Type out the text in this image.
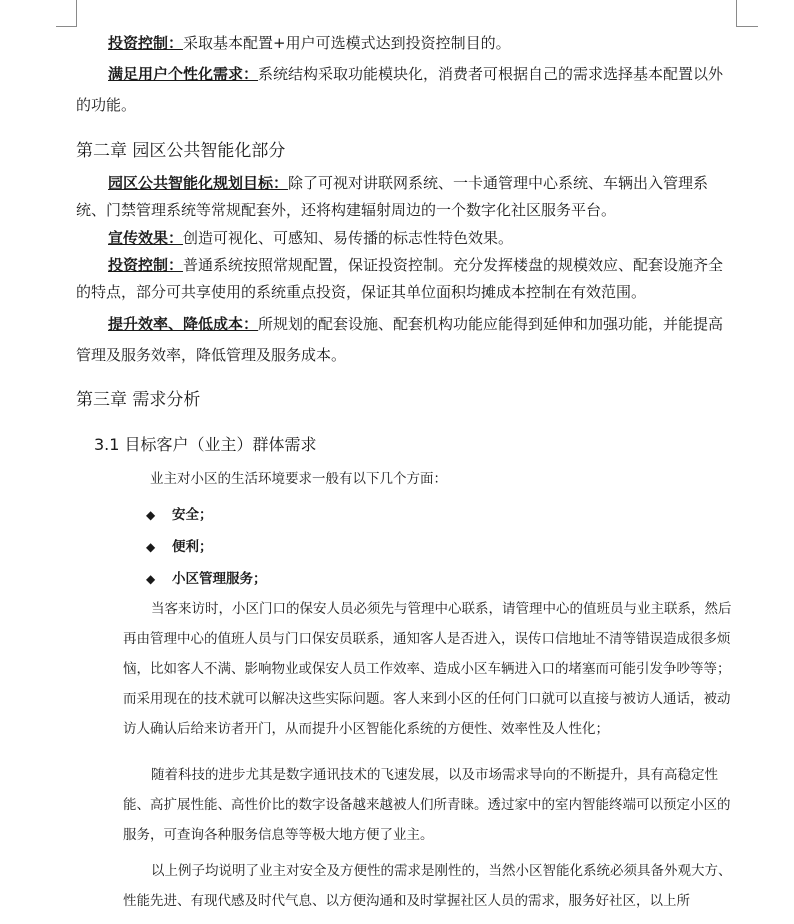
投资控制：采取基本配置+用户可选模式达到投资控制目的。

满足用户个性化需求：系统结构采取功能模块化，消费者可根据自己的需求选择基本配置以外的功能。

第二章 园区公共智能化部分

园区公共智能化规划目标：除了可视对讲联网系统、一卡通管理中心系统、车辆出入管理系统、门禁管理系统等常规配套外，还将构建辐射周边的一个数字化社区服务平台。

宣传效果：创造可视化、可感知、易传播的标志性特色效果。

投资控制：普通系统按照常规配置，保证投资控制。充分发挥楼盘的规模效应、配套设施齐全的特点，部分可共享使用的系统重点投资，保证其单位面积均摊成本控制在有效范围。

提升效率、降低成本：所规划的配套设施、配套机构功能应能得到延伸和加强功能，并能提高管理及服务效率，降低管理及服务成本。

第三章 需求分析
3.1 目标客户（业主）群体需求

业主对小区的生活环境要求一般有以下几个方面：

◆ 安全；
◆ 便利；
◆ 小区管理服务；

当客来访时，小区门口的保安人员必须先与管理中心联系，请管理中心的值班员与业主联系，然后再由管理中心的值班人员与门口保安员联系，通知客人是否进入，误传口信地址不清等错误造成很多烦恼，比如客人不满、影响物业或保安人员工作效率、造成小区车辆进入口的堵塞而可能引发争吵等等；而采用现在的技术就可以解决这些实际问题。客人来到小区的任何门口就可以直接与被访人通话，被动访人确认后给来访者开门，从而提升小区智能化系统的方便性、效率性及人性化；

随着科技的进步尤其是数字通讯技术的飞速发展，以及市场需求导向的不断提升，具有高稳定性能、高扩展性能、高性价比的数字设备越来越被人们所青睐。透过家中的室内智能终端可以预定小区的服务，可查询各种服务信息等等极大地方便了业主。

以上例子均说明了业主对安全及方便性的需求是刚性的，当然小区智能化系统必须具备外观大方、性能先进、有现代感及时代气息、以方便沟通和及时掌握社区人员的需求，服务好社区，以上所
